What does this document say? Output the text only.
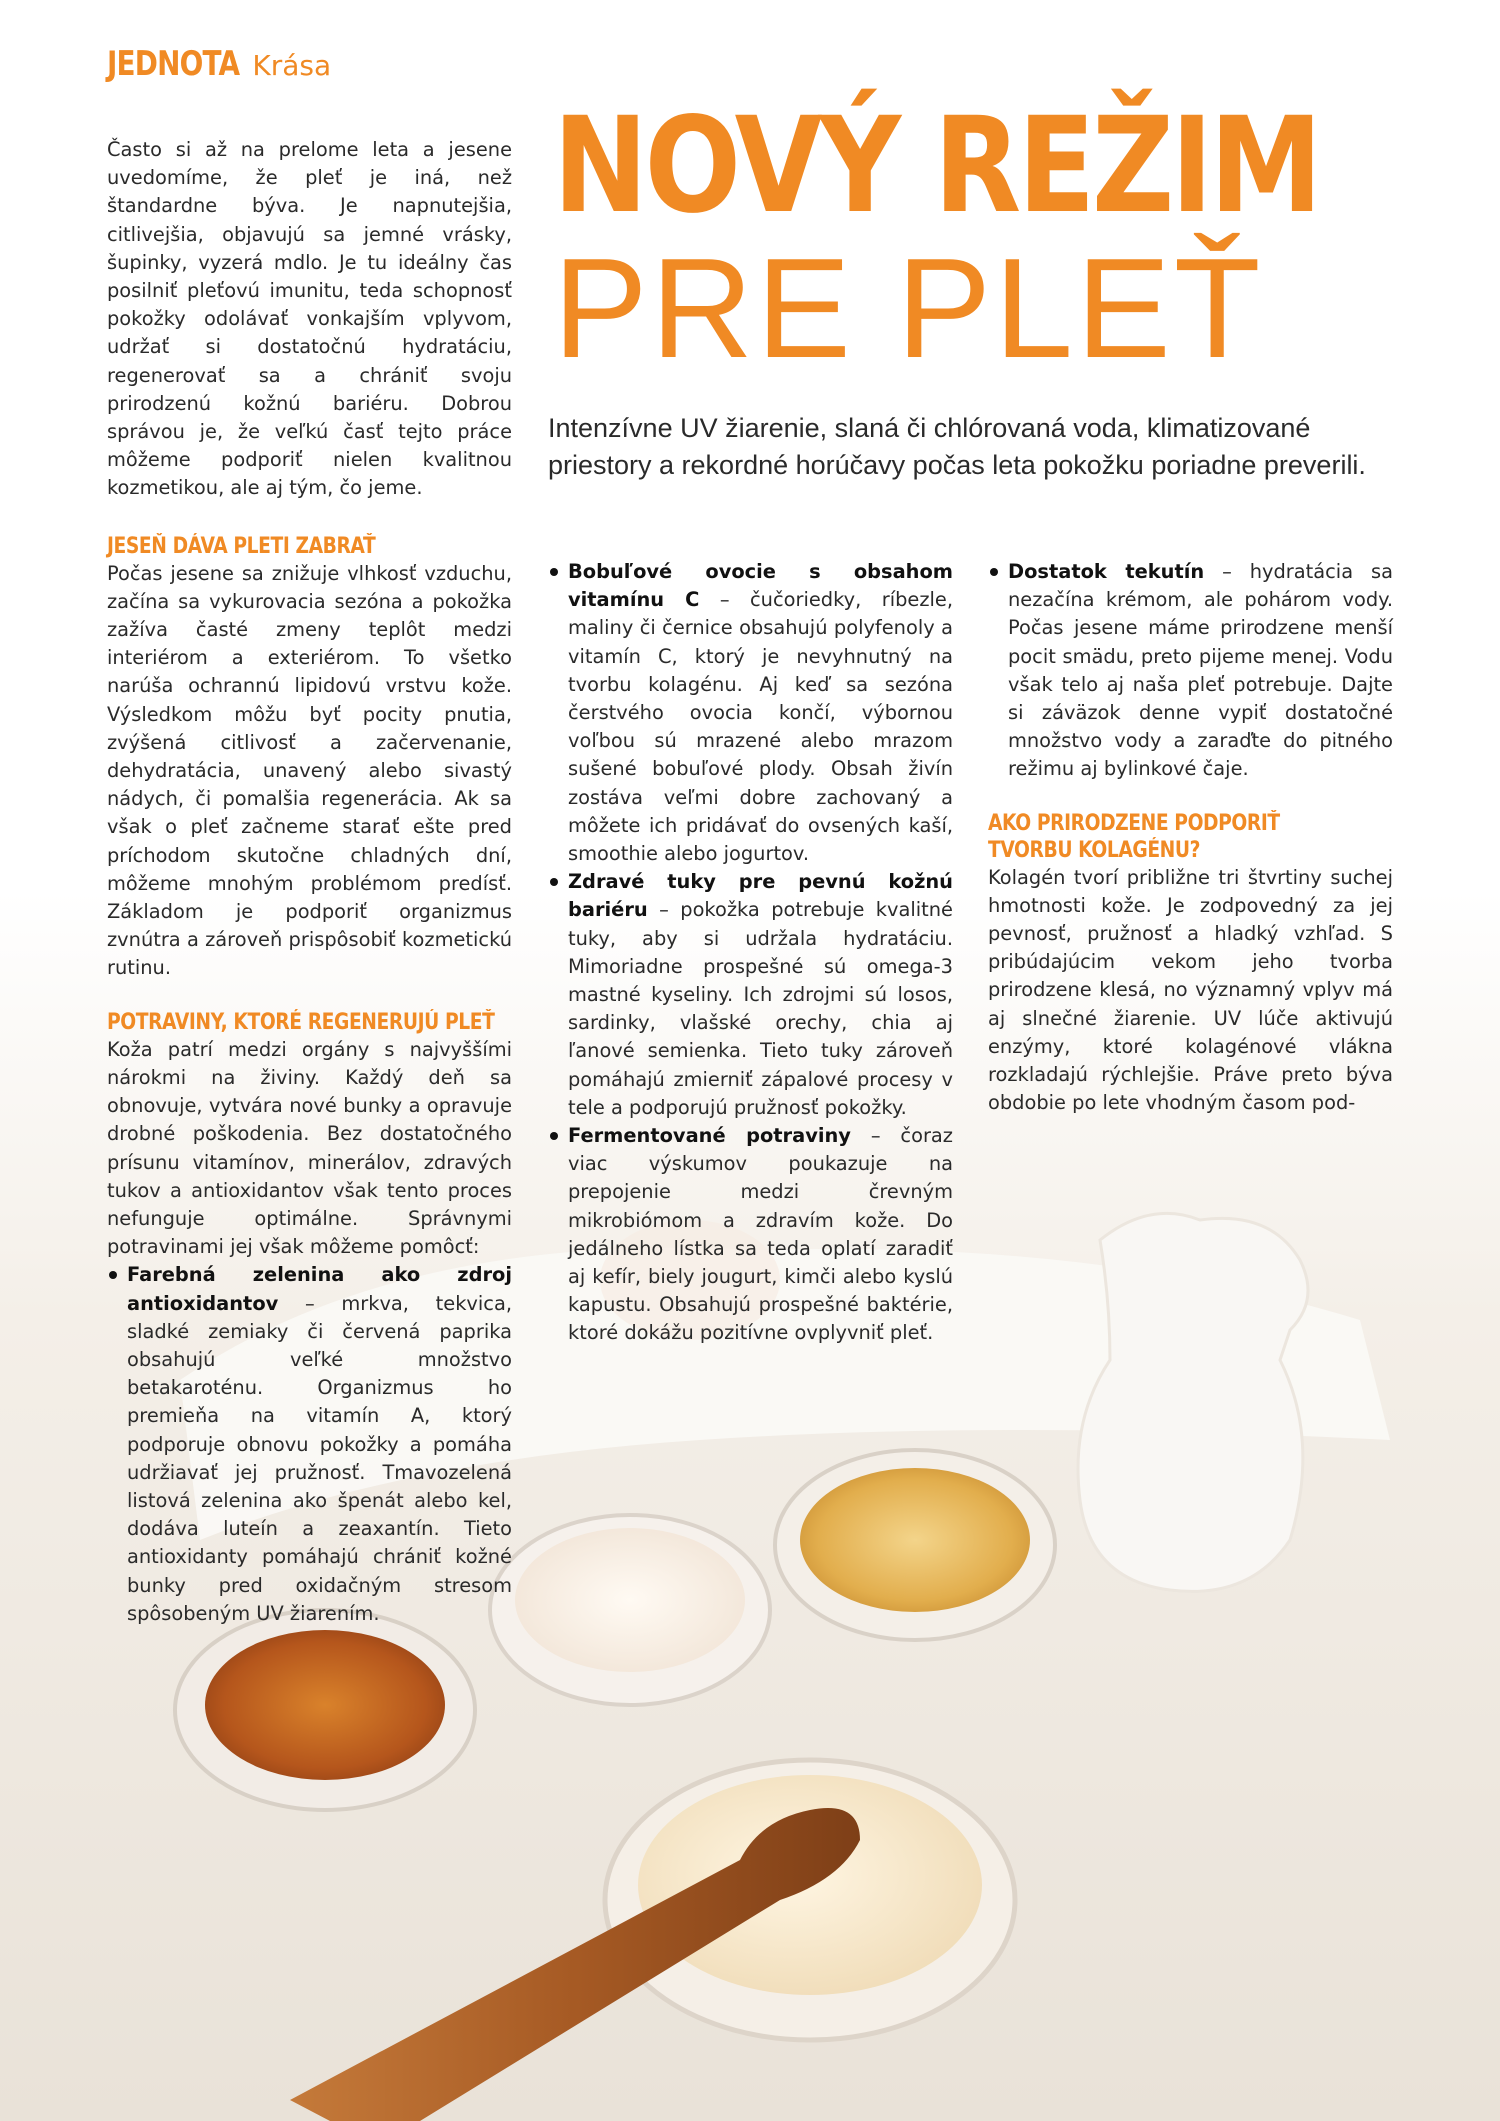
JEDNOTA Krása
NOVÝ REŽIM
PRE PLEŤ

Intenzívne UV žiarenie, slaná či chlórovaná voda, klimatizované priestory a rekordné horúčavy počas leta pokožku poriadne preverili.

Často si až na prelome leta a jesene uvedomíme, že pleť je iná, než štandardne býva. Je napnutejšia, citlivejšia, objavujú sa jemné vrásky, šupinky, vyzerá mdlo. Je tu ideálny čas posilniť pleťovú imunitu, teda schopnosť pokožky odolávať vonkajším vplyvom, udržať si dostatočnú hydratáciu, regenerovať sa a chrániť svoju prirodzenú kožnú bariéru. Dobrou správou je, že veľkú časť tejto práce môžeme podporiť nielen kvalitnou kozmetikou, ale aj tým, čo jeme.

JESEŇ DÁVA PLETI ZABRAŤ

Počas jesene sa znižuje vlhkosť vzduchu, začína sa vykurovacia sezóna a pokožka zažíva časté zmeny teplôt medzi interiérom a exteriérom. To všetko narúša ochrannú lipidovú vrstvu kože. Výsledkom môžu byť pocity pnutia, zvýšená citlivosť a začervenanie, dehydratácia, unavený alebo sivastý nádych, či pomalšia regenerácia. Ak sa však o pleť začneme starať ešte pred príchodom skutočne chladných dní, môžeme mnohým problémom predísť. Základom je podporiť organizmus zvnútra a zároveň prispôsobiť kozmetickú rutinu.

POTRAVINY, KTORÉ REGENERUJÚ PLEŤ

Koža patrí medzi orgány s najvyššími nárokmi na živiny. Každý deň sa obnovuje, vytvára nové bunky a opravuje drobné poškodenia. Bez dostatočného prísunu vitamínov, minerálov, zdravých tukov a antioxidantov však tento proces nefunguje optimálne. Správnymi potravinami jej však môžeme pomôcť:

Farebná zelenina ako zdroj antioxidantov – mrkva, tekvica, sladké zemiaky či červená paprika obsahujú veľké množstvo betakaroténu. Organizmus ho premieňa na vitamín A, ktorý podporuje obnovu pokožky a pomáha udržiavať jej pružnosť. Tmavozelená listová zelenina ako špenát alebo kel, dodáva luteín a zeaxantín. Tieto antioxidanty pomáhajú chrániť kožné bunky pred oxidačným stresom spôsobeným UV žiarením.
Bobuľové ovocie s obsahom vitamínu C – čučoriedky, ríbezle, maliny či černice obsahujú polyfenoly a vitamín C, ktorý je nevyhnutný na tvorbu kolagénu. Aj keď sa sezóna čerstvého ovocia končí, výbornou voľbou sú mrazené alebo mrazom sušené bobuľové plody. Obsah živín zostáva veľmi dobre zachovaný a môžete ich pridávať do ovsených kaší, smoothie alebo jogurtov.
Zdravé tuky pre pevnú kožnú bariéru – pokožka potrebuje kvalitné tuky, aby si udržala hydratáciu. Mimoriadne prospešné sú omega-3 mastné kyseliny. Ich zdrojmi sú losos, sardinky, vlašské orechy, chia aj ľanové semienka. Tieto tuky zároveň pomáhajú zmierniť zápalové procesy v tele a podporujú pružnosť pokožky.
Fermentované potraviny – čoraz viac výskumov poukazuje na prepojenie medzi črevným mikrobiómom a zdravím kože. Do jedálneho lístka sa teda oplatí zaradiť aj kefír, biely jougurt, kimči alebo kyslú kapustu. Obsahujú prospešné baktérie, ktoré dokážu pozitívne ovplyvniť pleť.
Dostatok tekutín – hydratácia sa nezačína krémom, ale pohárom vody. Počas jesene máme prirodzene menší pocit smädu, preto pijeme menej. Vodu však telo aj naša pleť potrebuje. Dajte si záväzok denne vypiť dostatočné množstvo vody a zaraďte do pitného režimu aj bylinkové čaje.
AKO PRIRODZENE PODPORIŤ
TVORBU KOLAGÉNU?

Kolagén tvorí približne tri štvrtiny suchej hmotnosti kože. Je zodpovedný za jej pevnosť, pružnosť a hladký vzhľad. S pribúdajúcim vekom jeho tvorba prirodzene klesá, no významný vplyv má aj slnečné žiarenie. UV lúče aktivujú enzýmy, ktoré kolagénové vlákna rozkladajú rýchlejšie. Práve preto býva obdobie po lete vhodným časom pod-
